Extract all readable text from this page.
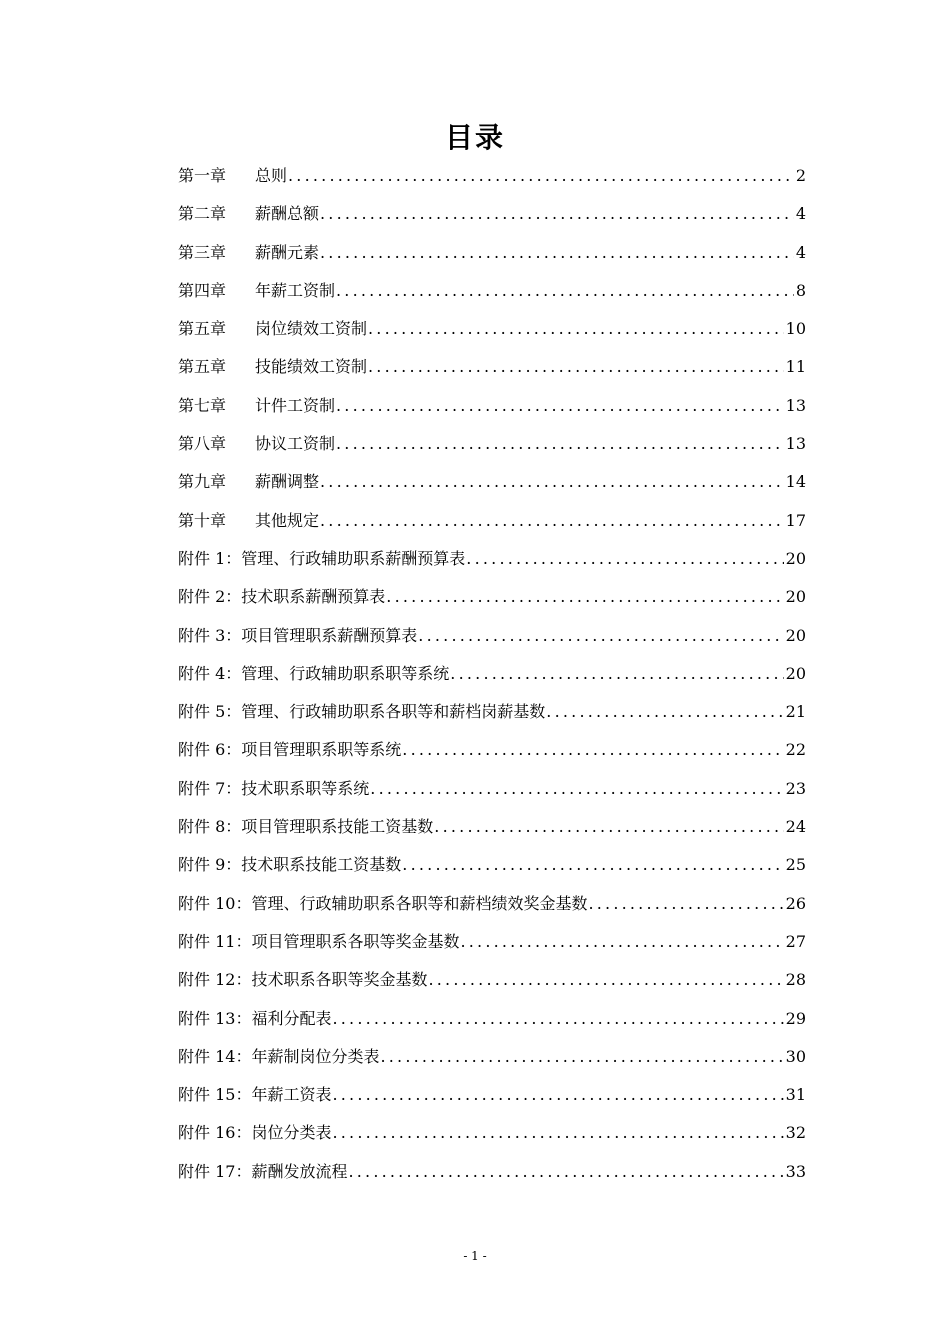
目录
第一章	总则 .....	2
第二章	薪酬总额 .....	4
第三章	薪酬元素 .....	4
第四章	年薪工资制 .....	8
第五章	岗位绩效工资制 .....	10
第五章	技能绩效工资制 .....	11
第七章	计件工资制 .....	13
第八章	协议工资制 .....	13
第九章	薪酬调整 .....	14
第十章	其他规定 .....	17
附件 1： 管理、行政辅助职系薪酬预算表 .....	20
附件 2： 技术职系薪酬预算表 .....	20
附件 3： 项目管理职系薪酬预算表 .....	20
附件 4： 管理、行政辅助职系职等系统 .....	20
附件 5： 管理、行政辅助职系各职等和薪档岗薪基数 .....	21
附件 6： 项目管理职系职等系统 .....	22
附件 7： 技术职系职等系统 .....	23
附件 8： 项目管理职系技能工资基数 .....	24
附件 9： 技术职系技能工资基数 .....	25
附件 10： 管理、行政辅助职系各职等和薪档绩效奖金基数 .....	26
附件 11： 项目管理职系各职等奖金基数 .....	27
附件 12： 技术职系各职等奖金基数 .....	28
附件 13： 福利分配表 .....	29
附件 14： 年薪制岗位分类表 .....	30
附件 15： 年薪工资表 .....	31
附件 16： 岗位分类表 .....	32
附件 17： 薪酬发放流程 .....	33
- 1 -
